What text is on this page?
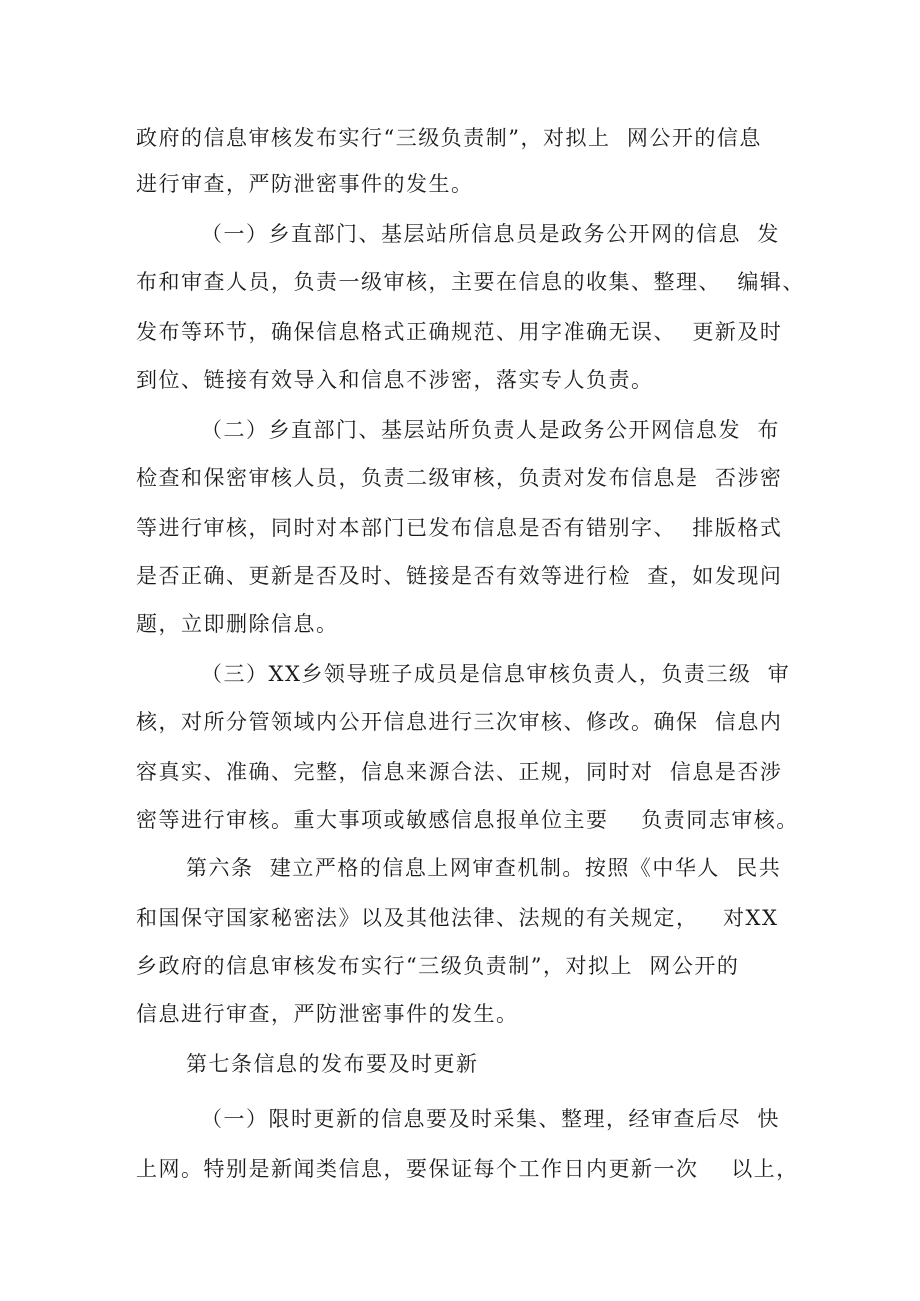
政府的信息审核发布实行“三级负责制”，对拟上  网公开的信息

进行审查，严防泄密事件的发生。

（一）乡直部门、基层站所信息员是政务公开网的信息  发

布和审查人员，负责一级审核，主要在信息的收集、整理、  编辑、

发布等环节，确保信息格式正确规范、用字准确无误、  更新及时

到位、链接有效导入和信息不涉密，落实专人负责。

（二）乡直部门、基层站所负责人是政务公开网信息发  布

检查和保密审核人员，负责二级审核，负责对发布信息是  否涉密

等进行审核，同时对本部门已发布信息是否有错别字、  排版格式

是否正确、更新是否及时、链接是否有效等进行检  查，如发现问

题，立即删除信息。

（三）XX乡领导班子成员是信息审核负责人，负责三级  审

核，对所分管领域内公开信息进行三次审核、修改。确保  信息内

容真实、准确、完整，信息来源合法、正规，同时对  信息是否涉

密等进行审核。重大事项或敏感信息报单位主要    负责同志审核。

第六条  建立严格的信息上网审查机制。按照《中华人  民共

和国保守国家秘密法》以及其他法律、法规的有关规定，   对XX

乡政府的信息审核发布实行“三级负责制”，对拟上  网公开的

信息进行审查，严防泄密事件的发生。

第七条信息的发布要及时更新

（一）限时更新的信息要及时采集、整理，经审查后尽  快

上网。特别是新闻类信息，要保证每个工作日内更新一次    以上，
